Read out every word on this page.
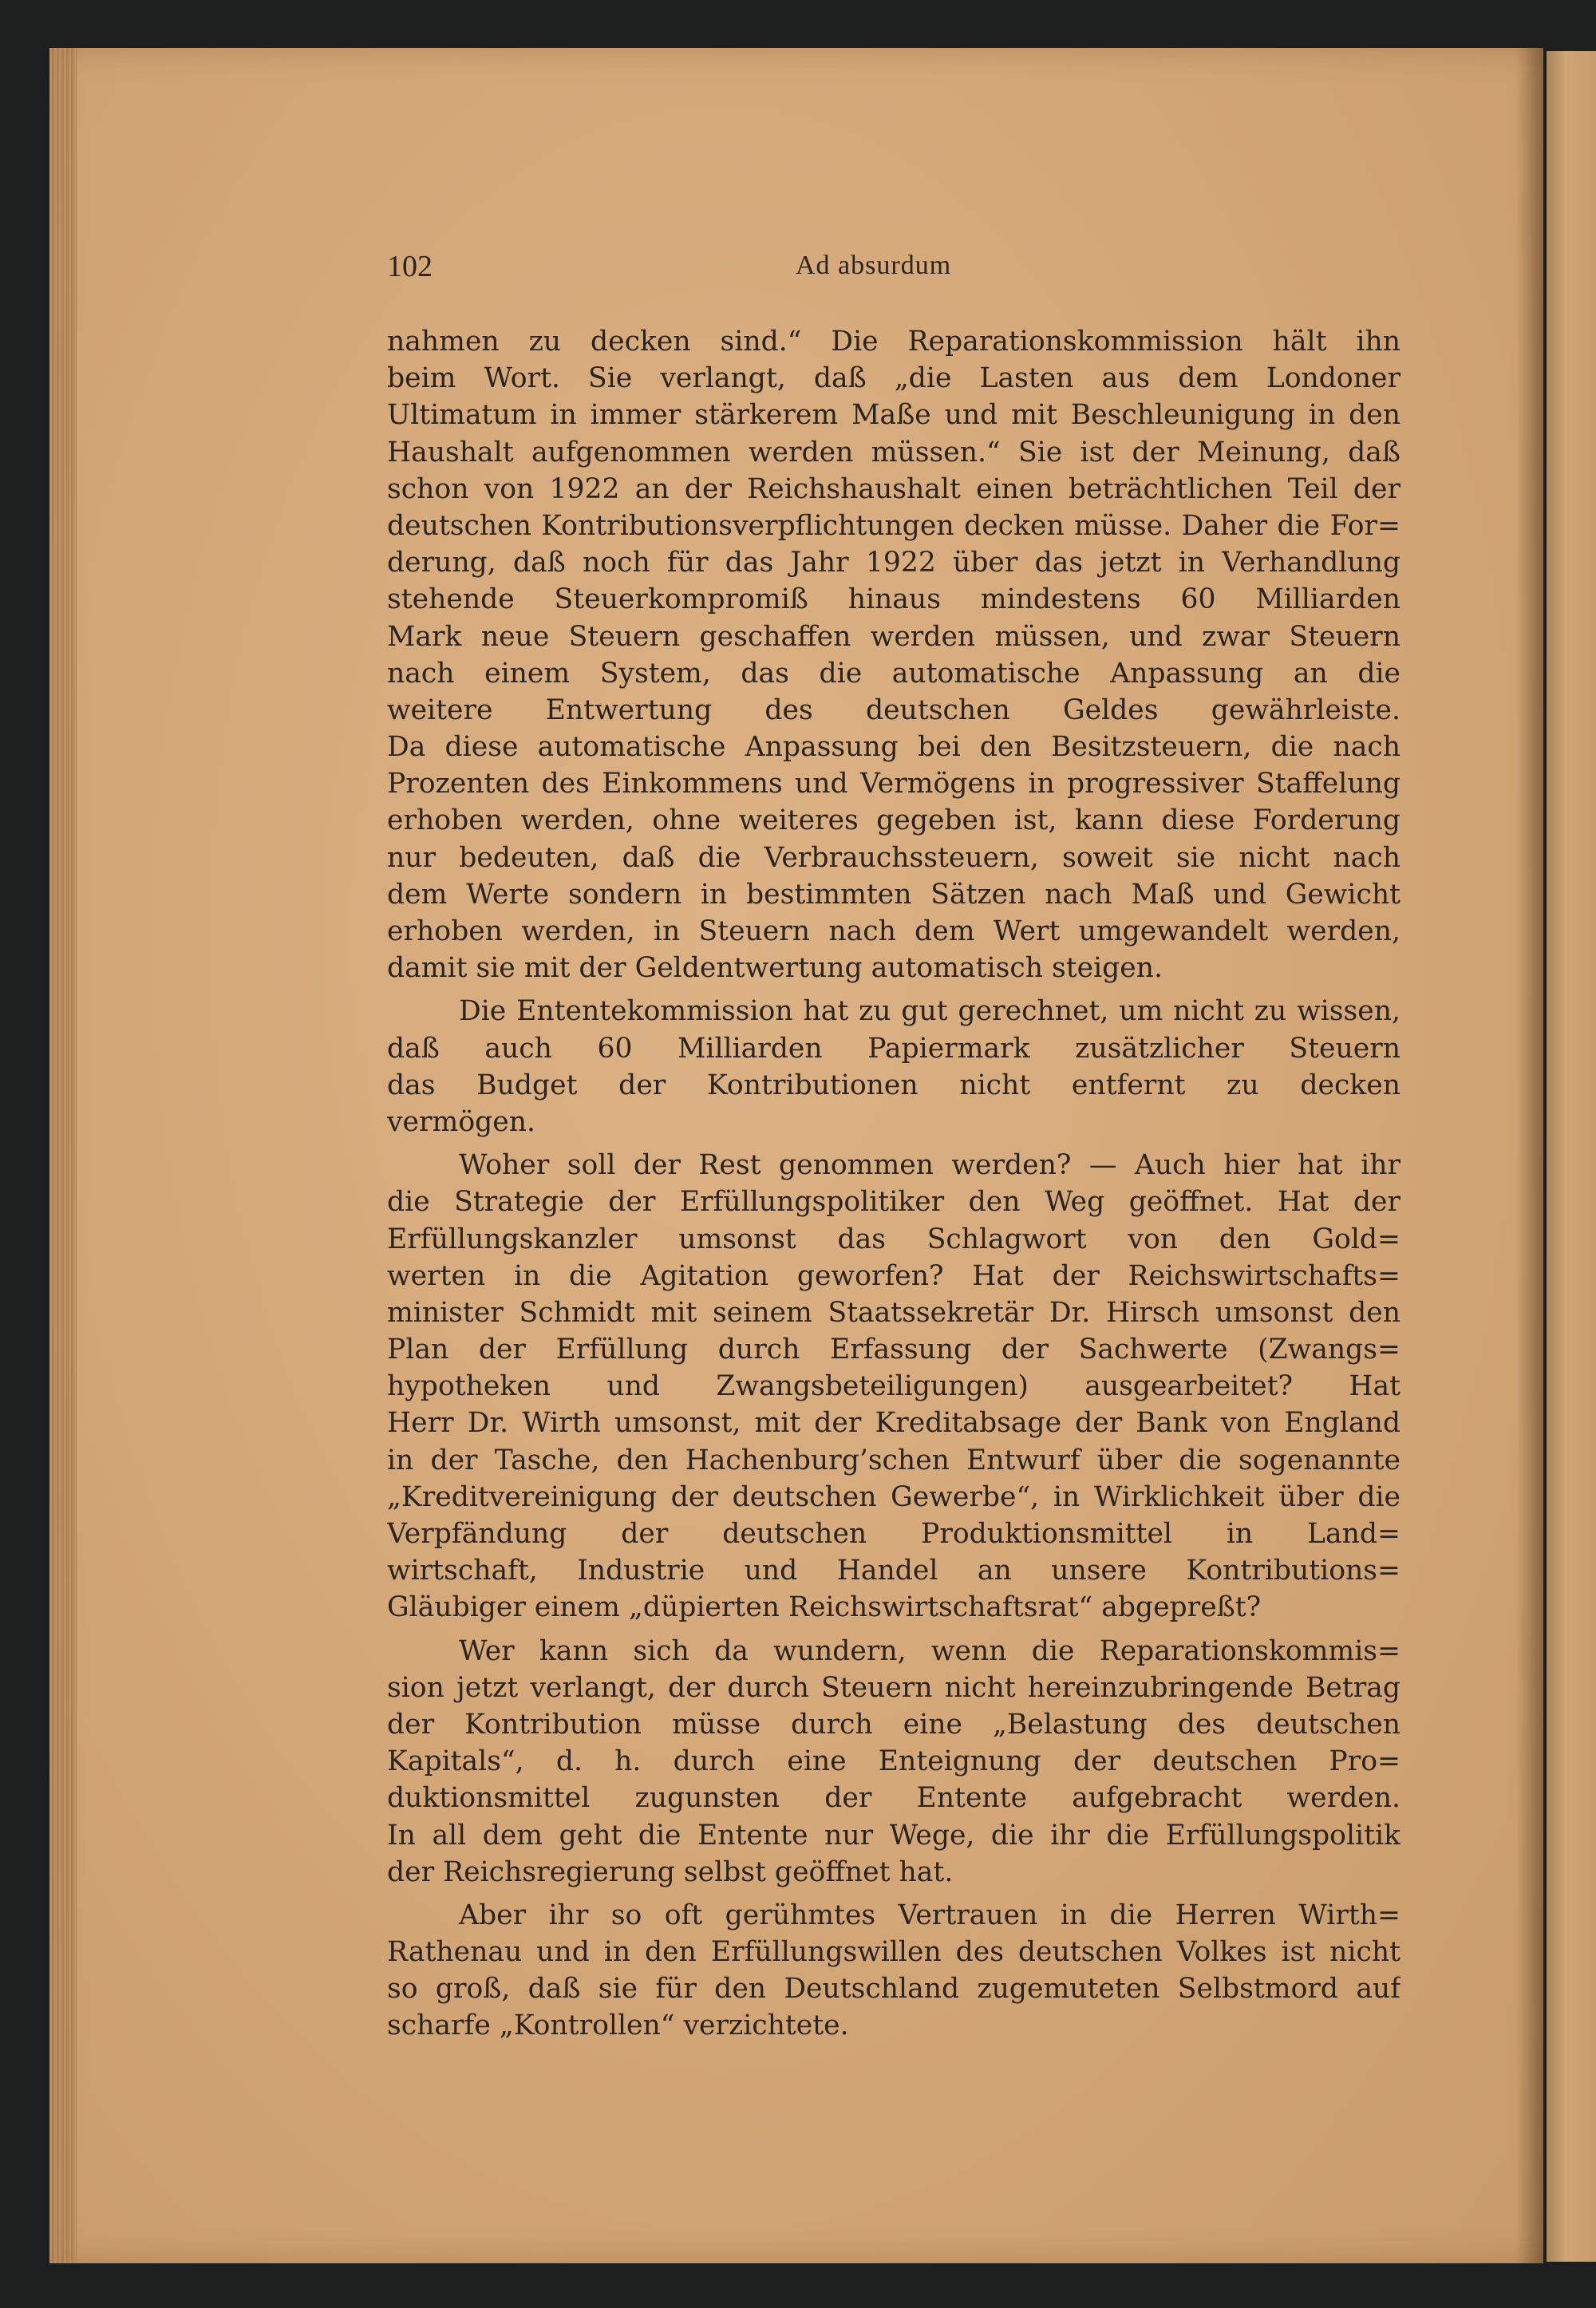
102	Ad absurdum
nahmen zu decken sind.“ Die Reparationskommission hält ihn
beim Wort. Sie verlangt, daß „die Lasten aus dem Londoner
Ultimatum in immer stärkerem Maße und mit Beschleunigung in den
Haushalt aufgenommen werden müssen.“ Sie ist der Meinung, daß
schon von 1922 an der Reichshaushalt einen beträchtlichen Teil der
deutschen Kontributionsverpflichtungen decken müsse. Daher die For=
derung, daß noch für das Jahr 1922 über das jetzt in Verhandlung
stehende Steuerkompromiß hinaus mindestens 60 Milliarden
Mark neue Steuern geschaffen werden müssen, und zwar Steuern
nach einem System, das die automatische Anpassung an die
weitere Entwertung des deutschen Geldes gewährleiste.
Da diese automatische Anpassung bei den Besitzsteuern, die nach
Prozenten des Einkommens und Vermögens in progressiver Staffelung
erhoben werden, ohne weiteres gegeben ist, kann diese Forderung
nur bedeuten, daß die Verbrauchssteuern, soweit sie nicht nach
dem Werte sondern in bestimmten Sätzen nach Maß und Gewicht
erhoben werden, in Steuern nach dem Wert umgewandelt werden,
damit sie mit der Geldentwertung automatisch steigen.
Die Ententekommission hat zu gut gerechnet, um nicht zu wissen,
daß auch 60 Milliarden Papiermark zusätzlicher Steuern
das Budget der Kontributionen nicht entfernt zu decken
vermögen.
Woher soll der Rest genommen werden? — Auch hier hat ihr
die Strategie der Erfüllungspolitiker den Weg geöffnet. Hat der
Erfüllungskanzler umsonst das Schlagwort von den Gold=
werten in die Agitation geworfen? Hat der Reichswirtschafts=
minister Schmidt mit seinem Staatssekretär Dr. Hirsch umsonst den
Plan der Erfüllung durch Erfassung der Sachwerte (Zwangs=
hypotheken und Zwangsbeteiligungen) ausgearbeitet? Hat
Herr Dr. Wirth umsonst, mit der Kreditabsage der Bank von England
in der Tasche, den Hachenburg’schen Entwurf über die sogenannte
„Kreditvereinigung der deutschen Gewerbe“, in Wirklichkeit über die
Verpfändung der deutschen Produktionsmittel in Land=
wirtschaft, Industrie und Handel an unsere Kontributions=
Gläubiger einem „düpierten Reichswirtschaftsrat“ abgepreßt?
Wer kann sich da wundern, wenn die Reparationskommis=
sion jetzt verlangt, der durch Steuern nicht hereinzubringende Betrag
der Kontribution müsse durch eine „Belastung des deutschen
Kapitals“, d. h. durch eine Enteignung der deutschen Pro=
duktionsmittel zugunsten der Entente aufgebracht werden.
In all dem geht die Entente nur Wege, die ihr die Erfüllungspolitik
der Reichsregierung selbst geöffnet hat.
Aber ihr so oft gerühmtes Vertrauen in die Herren Wirth=
Rathenau und in den Erfüllungswillen des deutschen Volkes ist nicht
so groß, daß sie für den Deutschland zugemuteten Selbstmord auf
scharfe „Kontrollen“ verzichtete.
